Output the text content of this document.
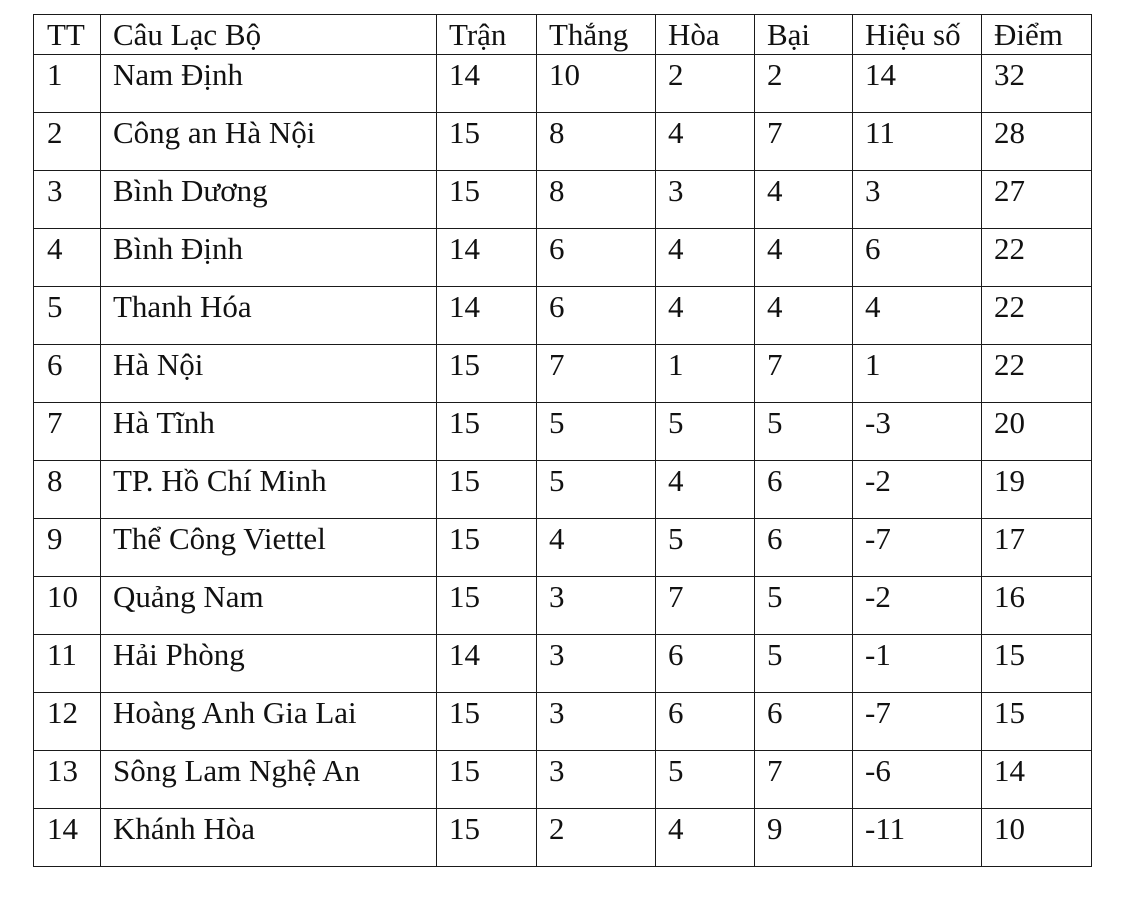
TT	Câu Lạc Bộ	Trận	Thắng	Hòa	Bại	Hiệu số	Điểm
1	Nam Định	14	10	2	2	14	32
2	Công an Hà Nội	15	8	4	7	11	28
3	Bình Dương	15	8	3	4	3	27
4	Bình Định	14	6	4	4	6	22
5	Thanh Hóa	14	6	4	4	4	22
6	Hà Nội	15	7	1	7	1	22
7	Hà Tĩnh	15	5	5	5	-3	20
8	TP. Hồ Chí Minh	15	5	4	6	-2	19
9	Thể Công Viettel	15	4	5	6	-7	17
10	Quảng Nam	15	3	7	5	-2	16
11	Hải Phòng	14	3	6	5	-1	15
12	Hoàng Anh Gia Lai	15	3	6	6	-7	15
13	Sông Lam Nghệ An	15	3	5	7	-6	14
14	Khánh Hòa	15	2	4	9	-11	10
